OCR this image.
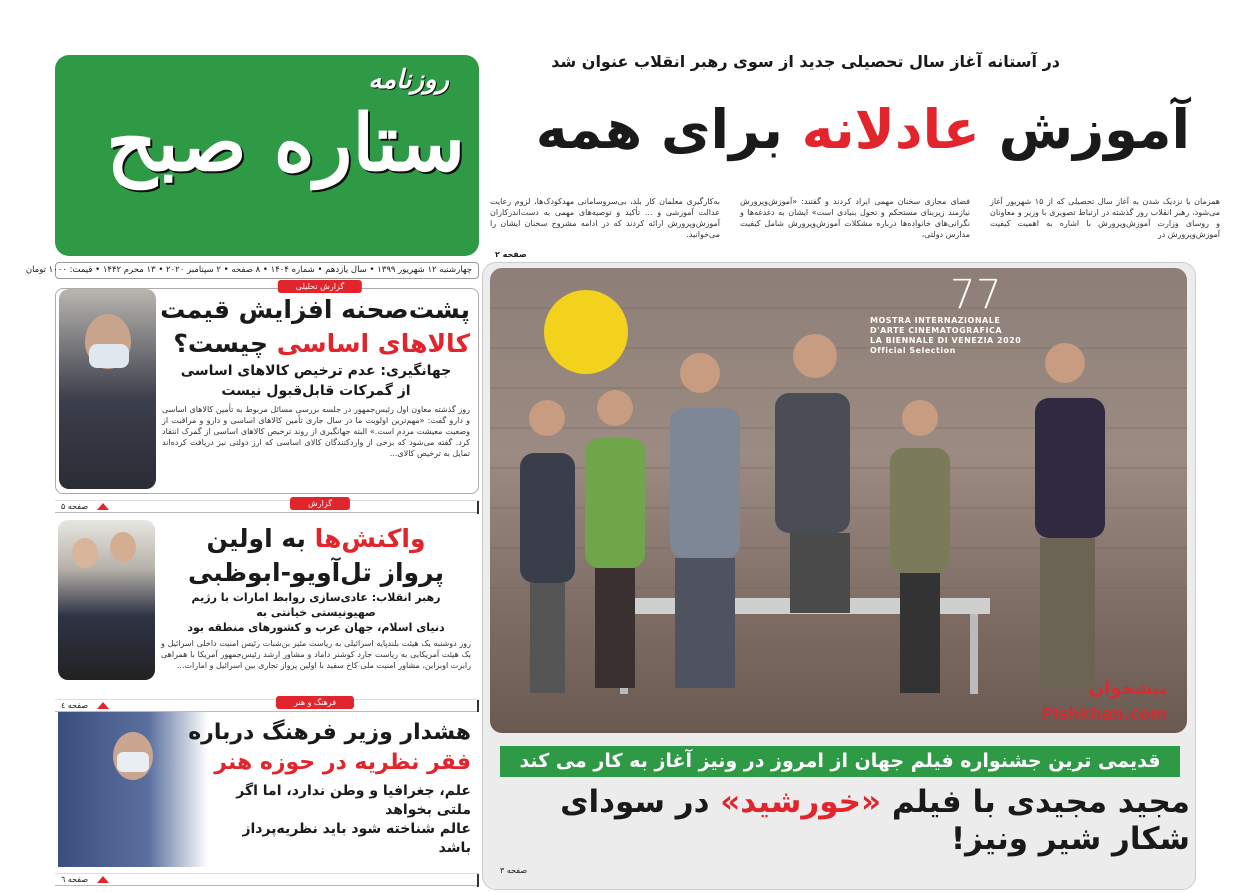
روزنامه
ستاره صبح
چهارشنبه ۱۲ شهریور ۱۳۹۹ • سال یازدهم • شماره ۱۴۰۴ • ۸ صفحه • ۲ سپتامبر ۲۰۲۰ • ۱۳ محرم ۱۴۴۲ • قیمت: ۱۰۰۰ تومان
در آستانه آغاز سال تحصیلی جدید از سوی رهبر انقلاب عنوان شد
آموزش عادلانه برای همه
همزمان با نزدیک شدن به آغاز سال تحصیلی که از ۱۵ شهریور آغاز می‌شود، رهبر انقلاب روز گذشته در ارتباط تصویری با وزیر و معاونان و روسای وزارت آموزش‌وپرورش با اشاره به اهمیت کیفیت آموزش‌وپرورش در
فضای مجازی سخنان مهمی ایراد کردند و گفتند: «آموزش‌وپرورش نیازمند زیربنای مستحکم و تحول بنیادی است» ایشان به دغدغه‌ها و نگرانی‌های خانواده‌ها درباره مشکلات آموزش‌وپرورش شامل کیفیت مدارس دولتی،
به‌کارگیری معلمان کار بلد، بی‌سروسامانی مهدکودک‌ها، لزوم رعایت عدالت آموزشی و ... تأکید و توصیه‌های مهمی به دست‌اندرکاران آموزش‌وپرورش ارائه کردند که در ادامه مشروح سخنان ایشان را می‌خوانید.
صفحه ۲
77
MOSTRA INTERNAZIONALE
D'ARTE CINEMATOGRAFICA
LA BIENNALE DI VENEZIA 2020
Official Selection
پیشخوان
Pishkhan.com
قدیمی ترین جشنواره فیلم جهان از امروز در ونیز آغاز به کار می کند
مجید مجیدی با فیلم «خورشید» در سودای شکار شیر ونیز!
صفحه ۳
پشت‌صحنه افزایش قیمت
کالاهای اساسی چیست؟
جهانگیری: عدم ترخیص کالاهای اساسی
از گمرکات قابل‌قبول نیست
روز گذشته معاون اول رئیس‌جمهور در جلسه بررسی مسائل مربوط به تأمین کالاهای اساسی و دارو گفت: «مهم‌ترین اولویت ما در سال جاری تأمین کالاهای اساسی و دارو و مراقبت از وضعیت معیشت مردم است.» البته جهانگیری از روند ترخیص کالاهای اساسی از گمرک انتقاد کرد. گفته می‌شود که برخی از واردکنندگان کالای اساسی که ارز دولتی نیز دریافت کرده‌اند تمایل به ترخیص کالای...
گزارش تحلیلی
صفحه ۵	گزارش
واکنش‌ها به اولین
پرواز تل‌آویو-ابوظبی
رهبر انقلاب: عادی‌سازی روابط امارات با رژیم صهیونیستی خیانتی به
دنیای اسلام، جهان عرب و کشورهای منطقه بود
روز دوشنبه یک هیئت بلندپایه اسرائیلی به ریاست مئیر بن‌شبات رئیس امنیت داخلی اسرائیل و یک هیئت آمریکایی به ریاست جارد کوشنر داماد و مشاور ارشد رئیس‌جمهور آمریکا با همراهی رابرت اوبراین، مشاور امنیت ملی کاخ سفید با اولین پرواز تجاری بین اسرائیل و امارات...
صفحه ٤	فرهنگ و هنر
هشدار وزیر فرهنگ درباره
فقر نظریه در حوزه هنر
علم، جغرافیا و وطن ندارد، اما اگر ملتی بخواهد
عالم شناخته شود باید نظریه‌پرداز باشد
صفحه ٦
